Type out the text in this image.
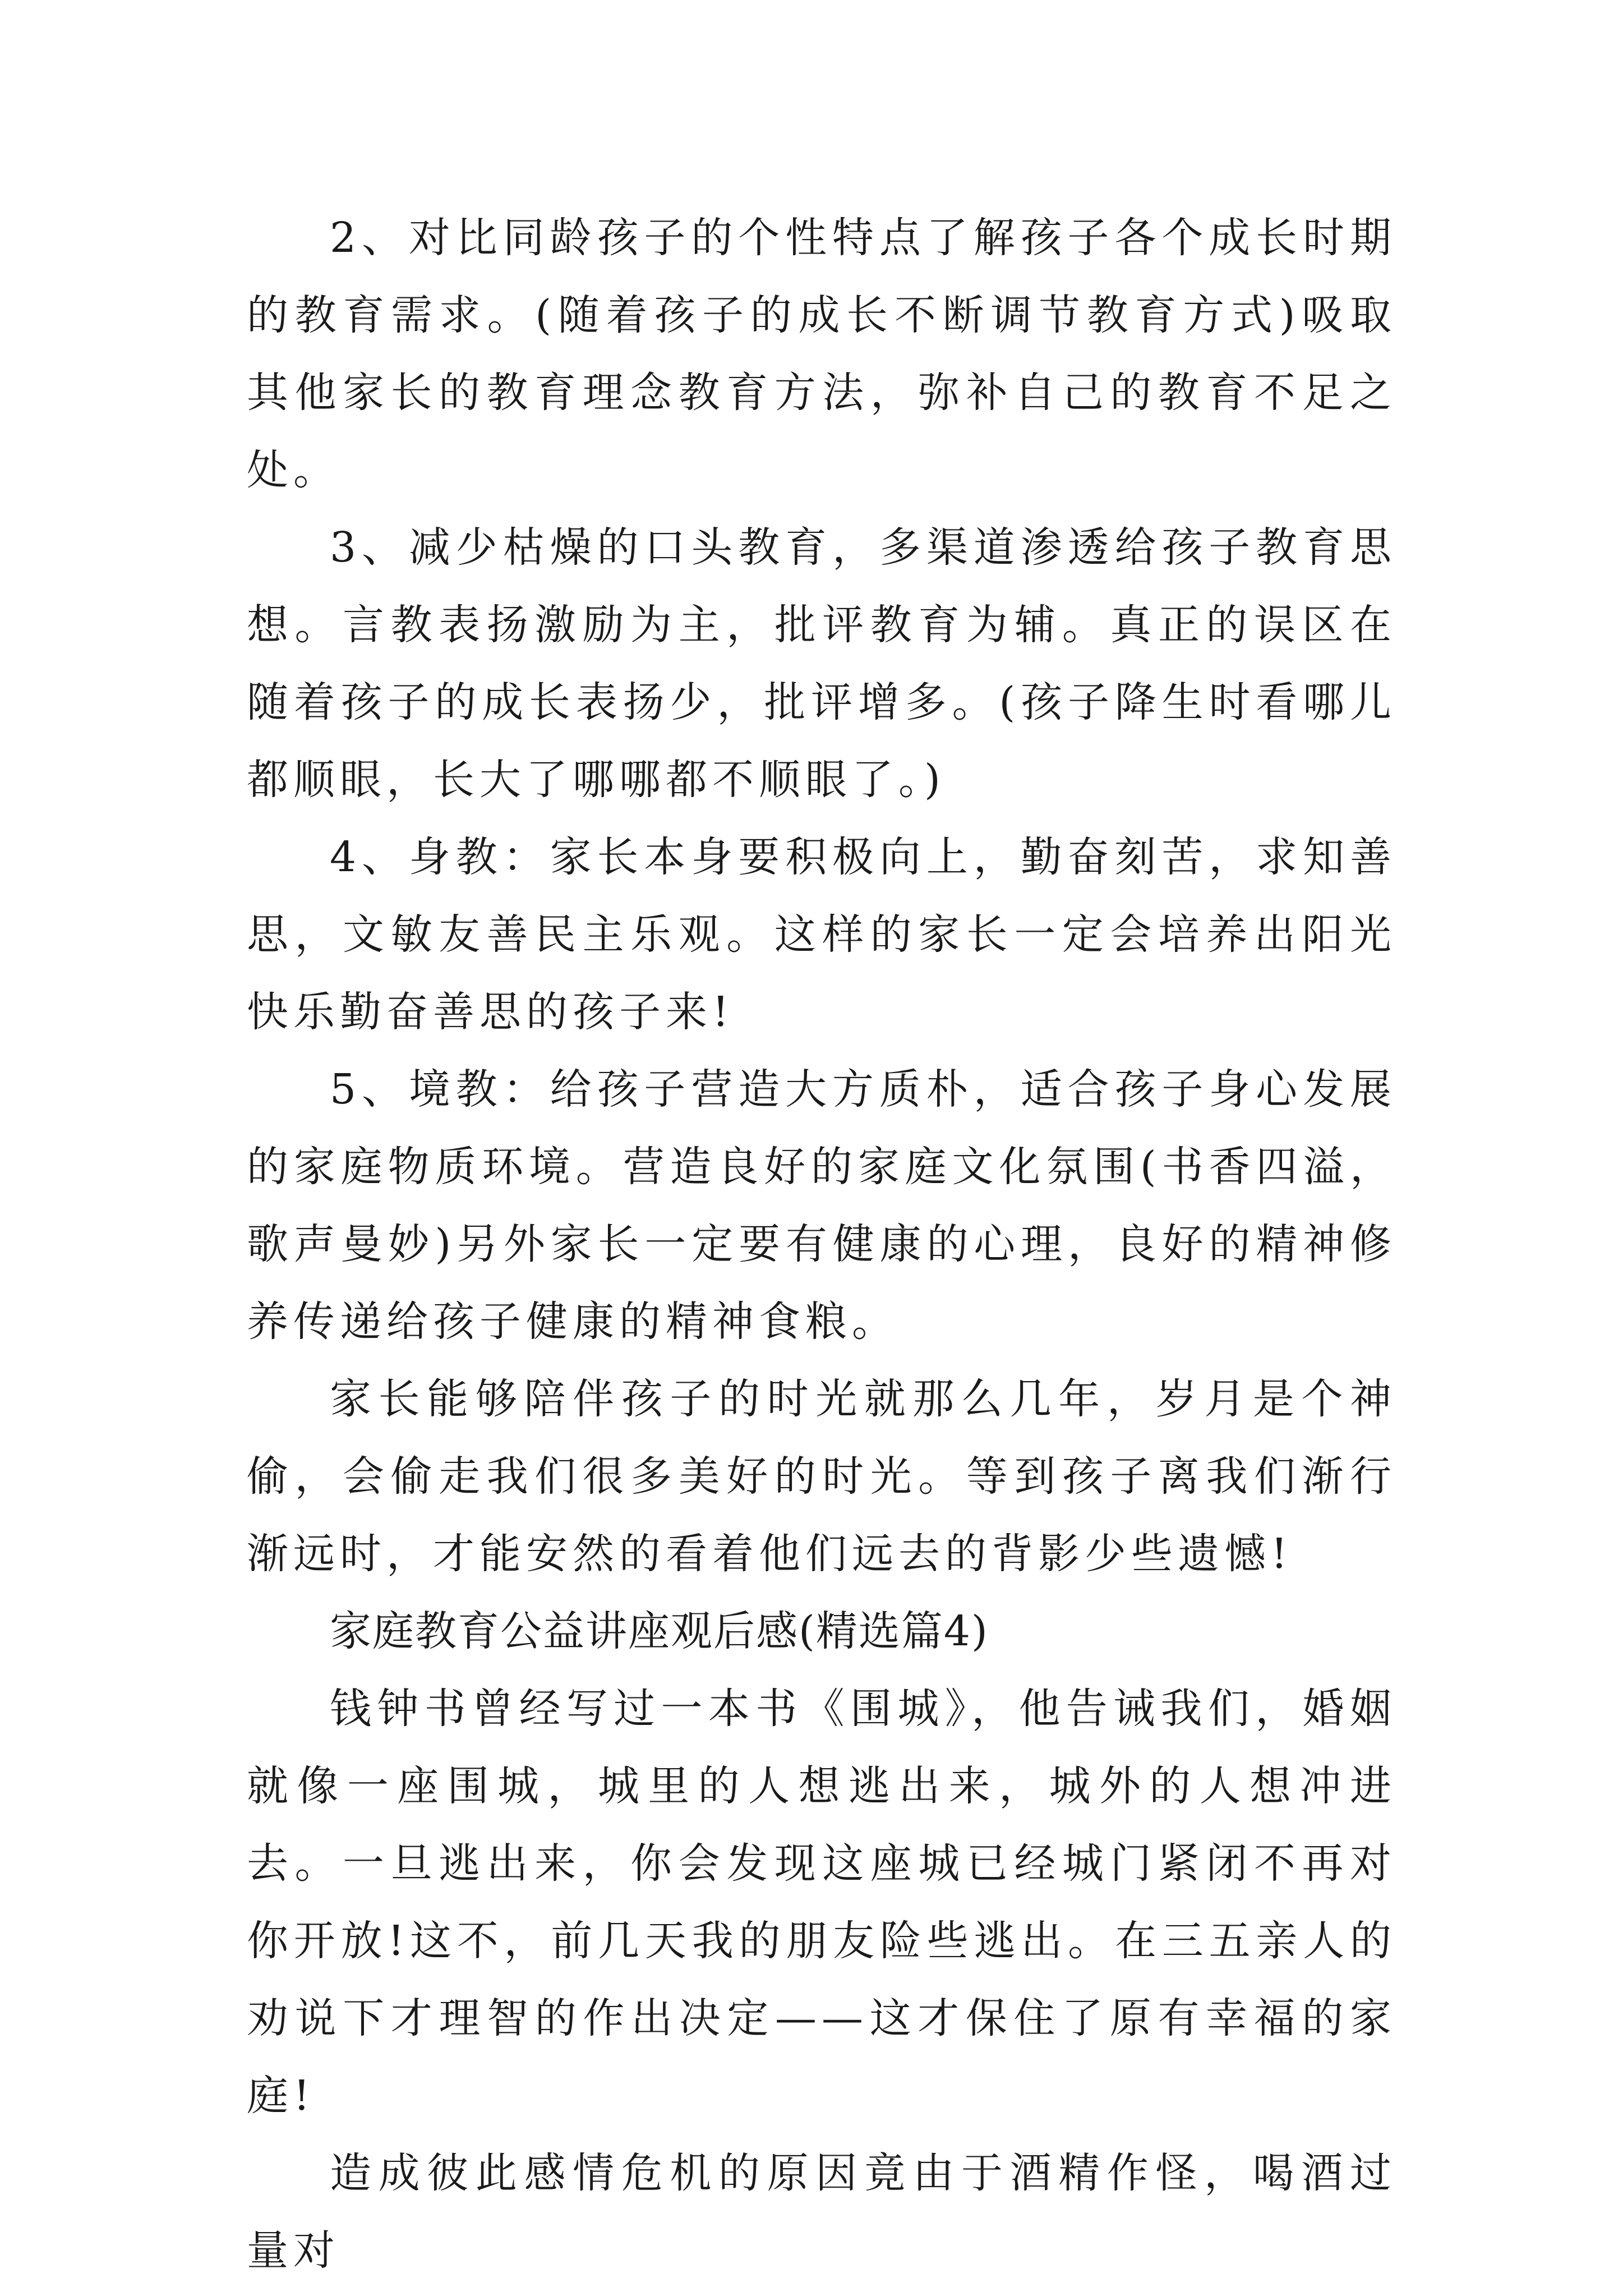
2、对比同龄孩子的个性特点了解孩子各个成长时期的教育需求。(随着孩子的成长不断调节教育方式)吸取其他家长的教育理念教育方法，弥补自己的教育不足之处。

3、减少枯燥的口头教育，多渠道渗透给孩子教育思想。言教表扬激励为主，批评教育为辅。真正的误区在随着孩子的成长表扬少，批评增多。(孩子降生时看哪儿都顺眼，长大了哪哪都不顺眼了。)

4、身教：家长本身要积极向上，勤奋刻苦，求知善思，文敏友善民主乐观。这样的家长一定会培养出阳光快乐勤奋善思的孩子来!

5、境教：给孩子营造大方质朴，适合孩子身心发展的家庭物质环境。营造良好的家庭文化氛围(书香四溢，歌声曼妙)另外家长一定要有健康的心理，良好的精神修养传递给孩子健康的精神食粮。

家长能够陪伴孩子的时光就那么几年，岁月是个神偷，会偷走我们很多美好的时光。等到孩子离我们渐行渐远时，才能安然的看着他们远去的背影少些遗憾!

家庭教育公益讲座观后感(精选篇4)

钱钟书曾经写过一本书《围城》，他告诫我们，婚姻就像一座围城，城里的人想逃出来，城外的人想冲进去。一旦逃出来，你会发现这座城已经城门紧闭不再对你开放!这不，前几天我的朋友险些逃出。在三五亲人的劝说下才理智的作出决定——这才保住了原有幸福的家庭!

造成彼此感情危机的原因竟由于酒精作怪，喝酒过量对
